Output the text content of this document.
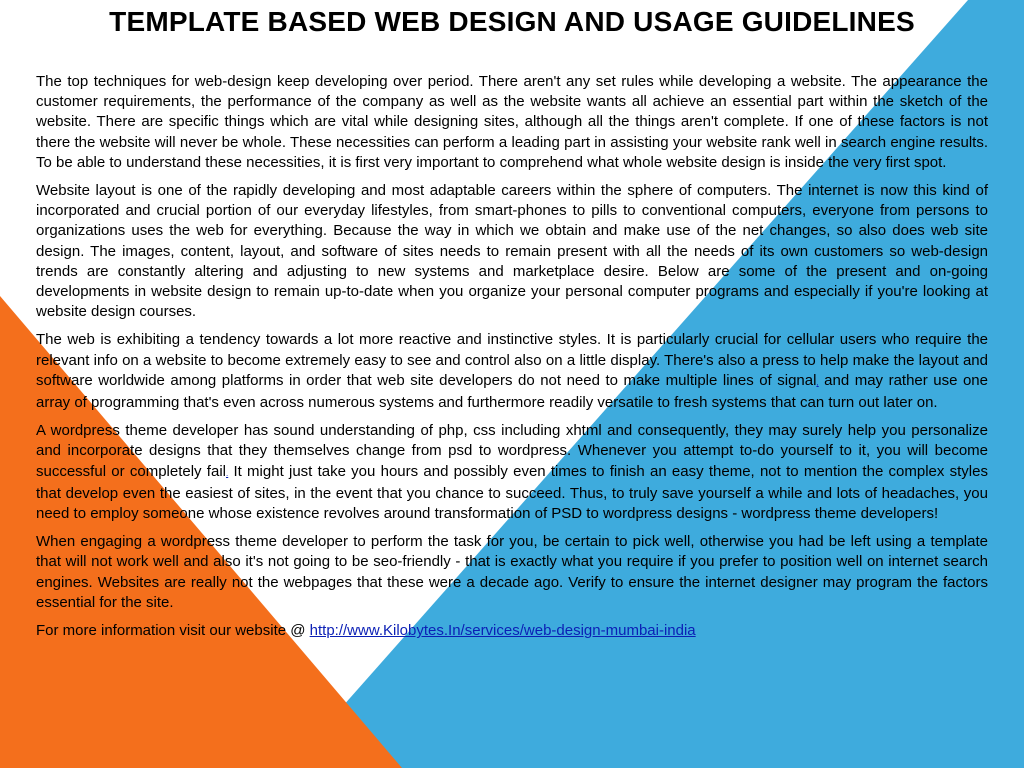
TEMPLATE BASED WEB DESIGN AND USAGE GUIDELINES

The top techniques for web-design keep developing over period. There aren't any set rules while developing a website. The appearance the customer requirements, the performance of the company as well as the website wants all achieve an essential part within the sketch of the website. There are specific things which are vital while designing sites, although all the things aren't complete. If one of these factors is not there the website will never be whole. These necessities can perform a leading part in assisting your website rank well in search engine results. To be able to understand these necessities, it is first very important to comprehend what whole website design is inside the very first spot.

Website layout is one of the rapidly developing and most adaptable careers within the sphere of computers. The internet is now this kind of incorporated and crucial portion of our everyday lifestyles, from smart-phones to pills to conventional computers, everyone from persons to organizations uses the web for everything. Because the way in which we obtain and make use of the net changes, so also does web site design. The images, content, layout, and software of sites needs to remain present with all the needs of its own customers so web-design trends are constantly altering and adjusting to new systems and marketplace desire. Below are some of the present and on-going developments in website design to remain up-to-date when you organize your personal computer programs and especially if you're looking at website design courses.

The web is exhibiting a tendency towards a lot more reactive and instinctive styles. It is particularly crucial for cellular users who require the relevant info on a website to become extremely easy to see and control also on a little display. There's also a press to help make the layout and software worldwide among platforms in order that web site developers do not need to make multiple lines of signal, and may rather use one array of programming that's even across numerous systems and furthermore readily versatile to fresh systems that can turn out later on.

A wordpress theme developer has sound understanding of php, css including xhtml and consequently, they may surely help you personalize and incorporate designs that they themselves change from psd to wordpress. Whenever you attempt to-do yourself to it, you will become successful or completely fail. It might just take you hours and possibly even times to finish an easy theme, not to mention the complex styles that develop even the easiest of sites, in the event that you chance to succeed. Thus, to truly save yourself a while and lots of headaches, you need to employ someone whose existence revolves around transformation of PSD to wordpress designs - wordpress theme developers!

When engaging a wordpress theme developer to perform the task for you, be certain to pick well, otherwise you had be left using a template that will not work well and also it's not going to be seo-friendly - that is exactly what you require if you prefer to position well on internet search engines. Websites are really not the webpages that these were a decade ago. Verify to ensure the internet designer may program the factors essential for the site.

For more information visit our website @ http://www.Kilobytes.In/services/web-design-mumbai-india
